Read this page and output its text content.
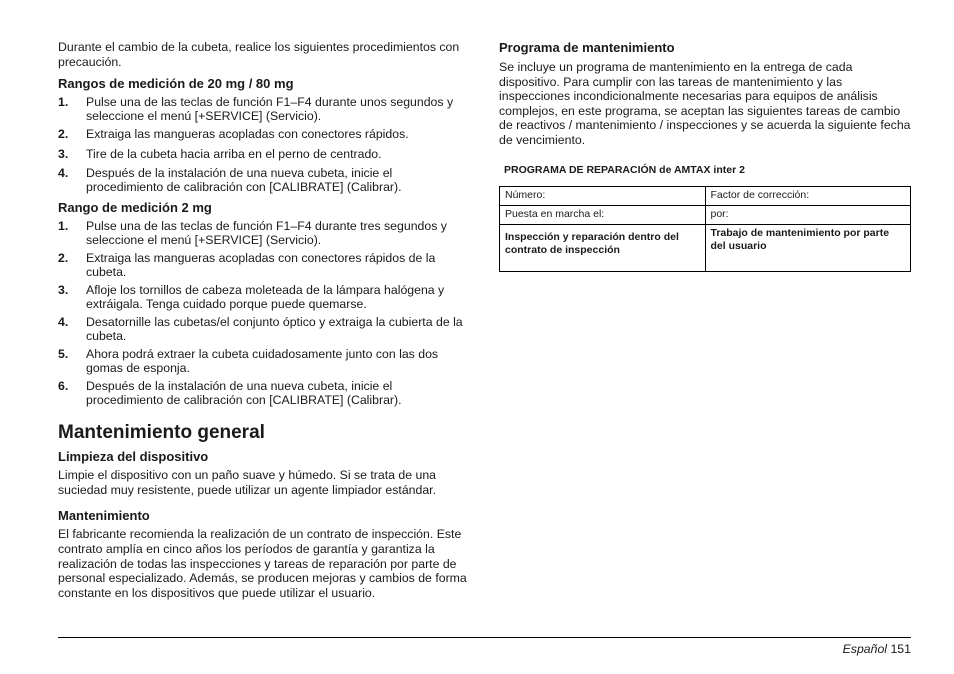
Durante el cambio de la cubeta, realice los siguientes procedimientos con precaución.

Rangos de medición de 20 mg / 80 mg
1. Pulse una de las teclas de función F1–F4 durante unos segundos y seleccione el menú [+SERVICE] (Servicio).
2. Extraiga las mangueras acopladas con conectores rápidos.
3. Tire de la cubeta hacia arriba en el perno de centrado.
4. Después de la instalación de una nueva cubeta, inicie el procedimiento de calibración con [CALIBRATE] (Calibrar).
Rango de medición 2 mg
1. Pulse una de las teclas de función F1–F4 durante tres segundos y seleccione el menú [+SERVICE] (Servicio).
2. Extraiga las mangueras acopladas con conectores rápidos de la cubeta.
3. Afloje los tornillos de cabeza moleteada de la lámpara halógena y extráigala. Tenga cuidado porque puede quemarse.
4. Desatornille las cubetas/el conjunto óptico y extraiga la cubierta de la cubeta.
5. Ahora podrá extraer la cubeta cuidadosamente junto con las dos gomas de esponja.
6. Después de la instalación de una nueva cubeta, inicie el procedimiento de calibración con [CALIBRATE] (Calibrar).
Mantenimiento general
Limpieza del dispositivo

Limpie el dispositivo con un paño suave y húmedo. Si se trata de una suciedad muy resistente, puede utilizar un agente limpiador estándar.

Mantenimiento

El fabricante recomienda la realización de un contrato de inspección. Este contrato amplía en cinco años los períodos de garantía y garantiza la realización de todas las inspecciones y tareas de reparación por parte de personal especializado. Además, se producen mejoras y cambios de forma constante en los dispositivos que puede utilizar el usuario.

Programa de mantenimiento

Se incluye un programa de mantenimiento en la entrega de cada dispositivo. Para cumplir con las tareas de mantenimiento y las inspecciones incondicionalmente necesarias para equipos de análisis complejos, en este programa, se aceptan las siguientes tareas de cambio de reactivos / mantenimiento / inspecciones y se acuerda la siguiente fecha de vencimiento.

PROGRAMA DE REPARACIÓN de AMTAX inter 2
Número:	Factor de corrección:
Puesta en marcha el:	por:
Inspección y reparación dentro del contrato de inspección	Trabajo de mantenimiento por parte del usuario
Español 151
